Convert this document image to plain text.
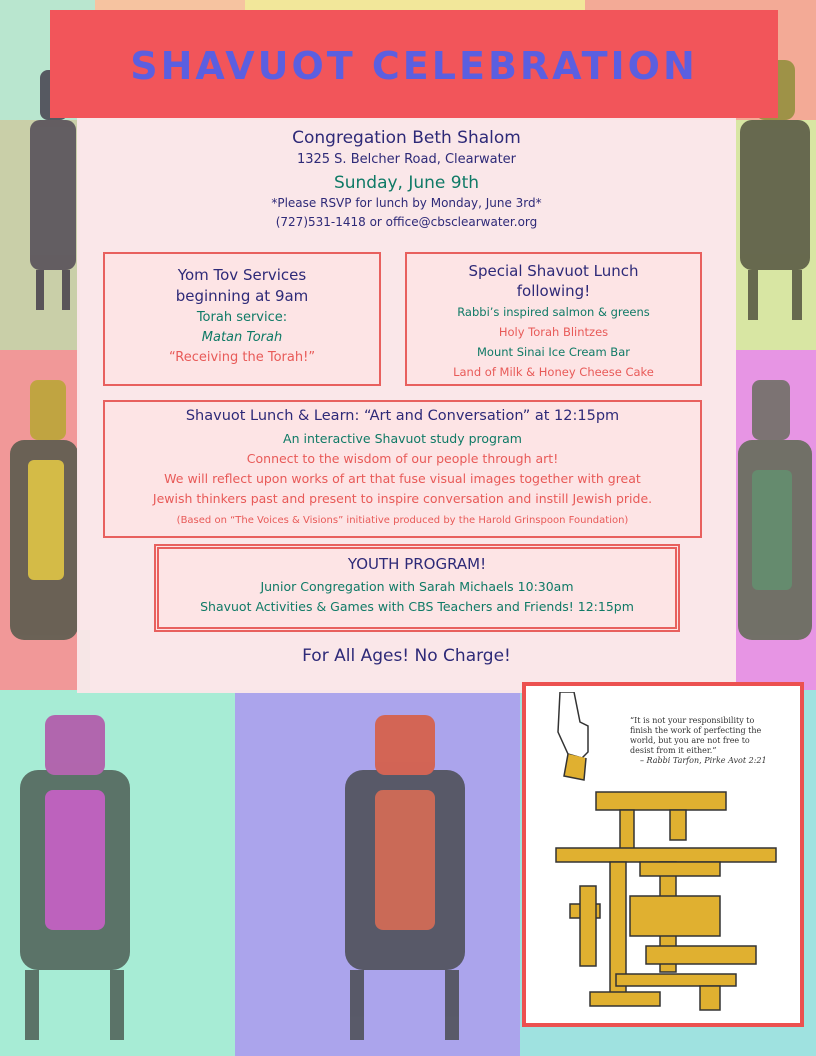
SHAVUOT CELEBRATION
Congregation Beth Shalom
1325 S. Belcher Road, Clearwater
Sunday, June 9th
*Please RSVP for lunch by Monday, June 3rd*
(727)531-1418 or office@cbsclearwater.org
Yom Tov Services
beginning at 9am
Torah service:
Matan Torah
“Receiving the Torah!”
Special Shavuot Lunch
following!
Rabbi’s inspired salmon & greens
Holy Torah Blintzes
Mount Sinai Ice Cream Bar
Land of Milk & Honey Cheese Cake
Shavuot Lunch & Learn: “Art and Conversation” at 12:15pm
An interactive Shavuot study program
Connect to the wisdom of our people through art!
We will reflect upon works of art that fuse visual images together with great
Jewish thinkers past and present to inspire conversation and instill Jewish pride.
(Based on “The Voices & Visions” initiative produced by the Harold Grinspoon Foundation)
YOUTH PROGRAM!
Junior Congregation with Sarah Michaels 10:30am
Shavuot Activities & Games with CBS Teachers and Friends! 12:15pm
For All Ages! No Charge!
“It is not your responsibility to
finish the work of perfecting the
world, but you are not free to
desist from it either.”
– Rabbi Tarfon, Pirke Avot 2:21
